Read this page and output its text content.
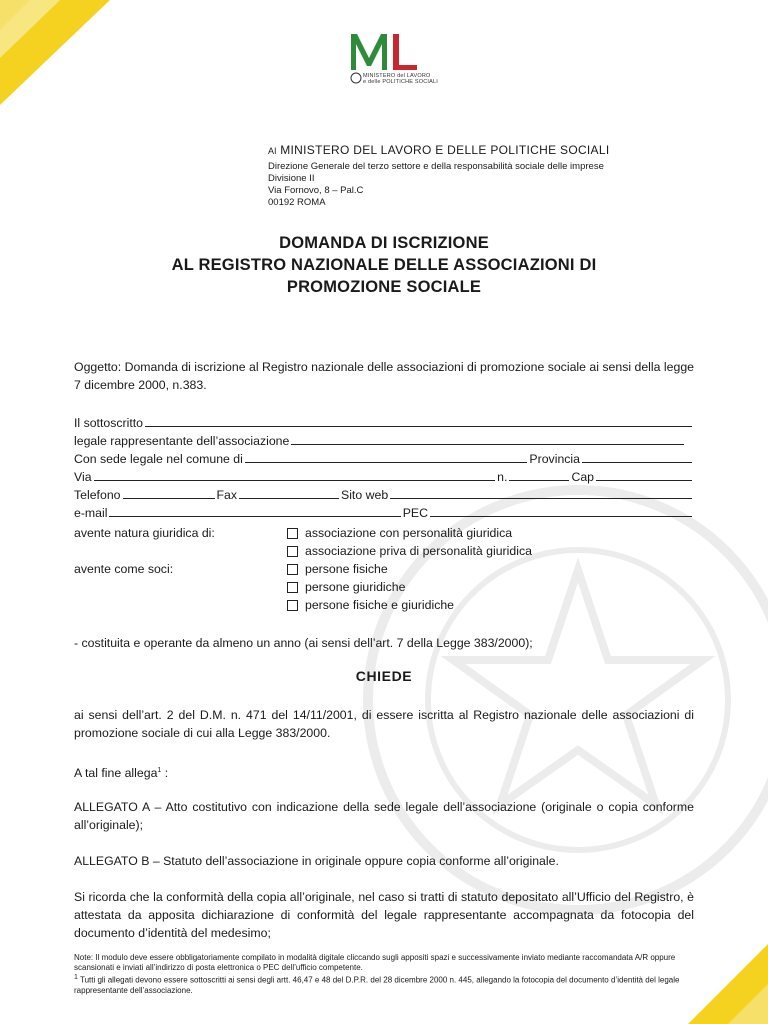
MINISTERO del LAVORO
e delle POLITICHE SOCIALI
Al MINISTERO DEL LAVORO E DELLE POLITICHE SOCIALI
Direzione Generale del terzo settore e della responsabilità sociale delle imprese
Divisione II
Via Fornovo, 8 – Pal.C
00192 ROMA
DOMANDA DI ISCRIZIONE
AL REGISTRO NAZIONALE DELLE ASSOCIAZIONI DI
PROMOZIONE SOCIALE
Oggetto: Domanda di iscrizione al Registro nazionale delle associazioni di promozione sociale ai sensi della legge 7 dicembre 2000, n.383.
Il sottoscritto
legale rappresentante dell’associazione
Con sede legale nel comune di	Provincia
Via	n.	Cap
Telefono	Fax	Sito web
e-mail	PEC
avente natura giuridica di:	associazione con personalità giuridica
associazione priva di personalità giuridica
avente come soci:	persone fisiche
persone giuridiche
persone fisiche e giuridiche
- costituita e operante da almeno un anno (ai sensi dell’art. 7 della Legge 383/2000);
CHIEDE
ai sensi dell’art. 2 del D.M. n. 471 del 14/11/2001, di essere iscritta al Registro nazionale delle associazioni di promozione sociale di cui alla Legge 383/2000.
A tal fine allega$^1$ :
ALLEGATO A – Atto costitutivo con indicazione della sede legale dell’associazione (originale o copia conforme all’originale);
ALLEGATO B – Statuto dell’associazione in originale oppure copia conforme all’originale.
Si ricorda che la conformità della copia all’originale, nel caso si tratti di statuto depositato all’Ufficio del Registro, è attestata da apposita dichiarazione di conformità del legale rappresentante accompagnata da fotocopia del documento d’identità del medesimo;
Note: Il modulo deve essere obbligatoriamente compilato in modalità digitale cliccando sugli appositi spazi e successivamente inviato mediante raccomandata A/R oppure scansionati e inviati all’indirizzo di posta elettronica o PEC dell’ufficio competente.
$^1$ Tutti gli allegati devono essere sottoscritti ai sensi degli artt. 46,47 e 48 del D.P.R. del 28 dicembre 2000 n. 445, allegando la fotocopia del documento d’identità del legale rappresentante dell’associazione.
